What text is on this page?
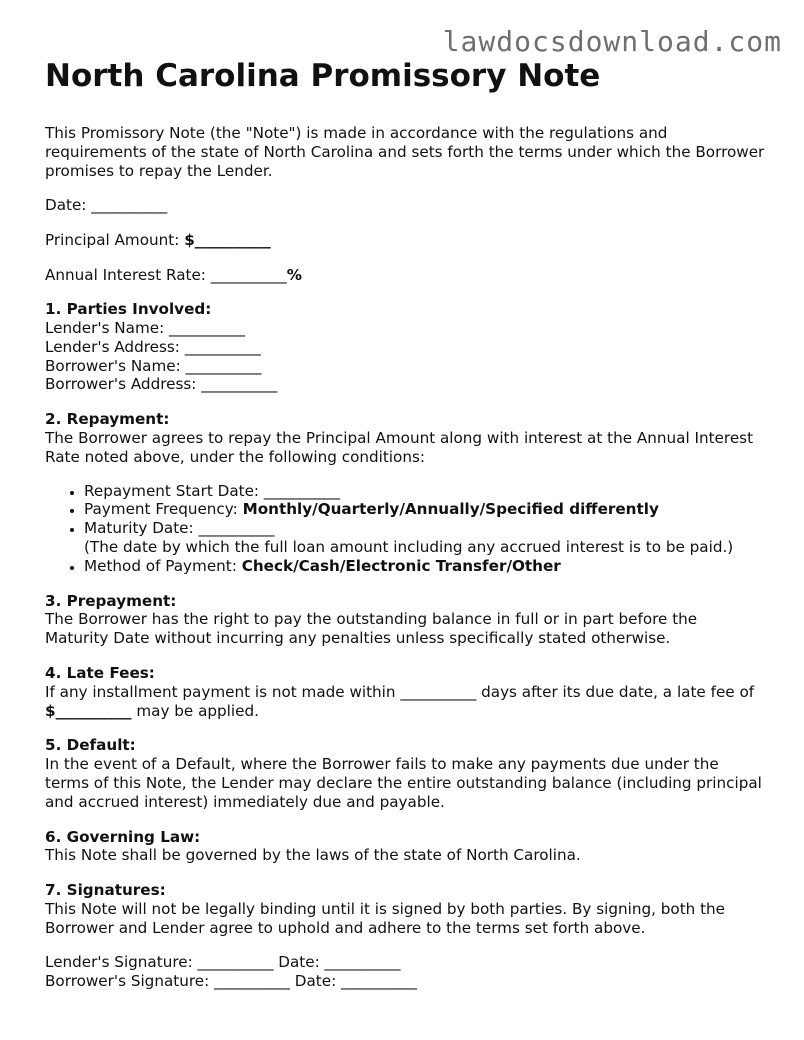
lawdocsdownload.com
North Carolina Promissory Note

This Promissory Note (the "Note") is made in accordance with the regulations and requirements of the state of North Carolina and sets forth the terms under which the Borrower promises to repay the Lender.

Date: __________

Principal Amount: $__________

Annual Interest Rate: __________%

1. Parties Involved:

Lender's Name: __________

Lender's Address: __________

Borrower's Name: __________

Borrower's Address: __________

2. Repayment:

The Borrower agrees to repay the Principal Amount along with interest at the Annual Interest Rate noted above, under the following conditions:

• Repayment Start Date: __________
• Payment Frequency: Monthly/Quarterly/Annually/Specified differently
• Maturity Date: __________
(The date by which the full loan amount including any accrued interest is to be paid.)
• Method of Payment: Check/Cash/Electronic Transfer/Other

3. Prepayment:

The Borrower has the right to pay the outstanding balance in full or in part before the Maturity Date without incurring any penalties unless specifically stated otherwise.

4. Late Fees:

If any installment payment is not made within __________ days after its due date, a late fee of $__________ may be applied.

5. Default:

In the event of a Default, where the Borrower fails to make any payments due under the terms of this Note, the Lender may declare the entire outstanding balance (including principal and accrued interest) immediately due and payable.

6. Governing Law:

This Note shall be governed by the laws of the state of North Carolina.

7. Signatures:

This Note will not be legally binding until it is signed by both parties. By signing, both the Borrower and Lender agree to uphold and adhere to the terms set forth above.

Lender's Signature: __________ Date: __________

Borrower's Signature: __________ Date: __________
